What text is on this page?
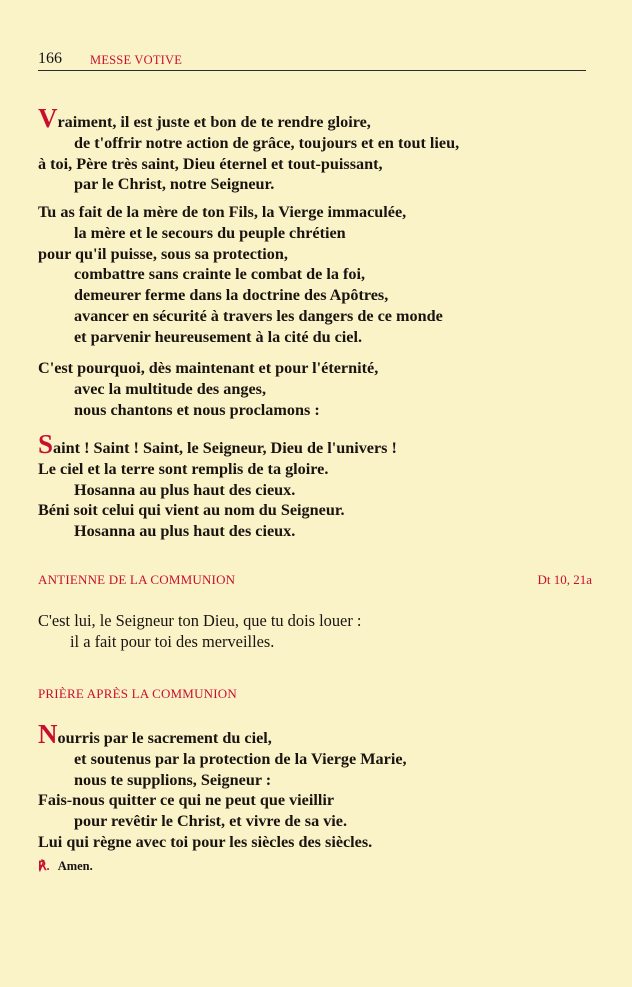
166 MESSE VOTIVE
Vraiment, il est juste et bon de te rendre gloire,
de t'offrir notre action de grâce, toujours et en tout lieu,
à toi, Père très saint, Dieu éternel et tout-puissant,
par le Christ, notre Seigneur.
Tu as fait de la mère de ton Fils, la Vierge immaculée,
la mère et le secours du peuple chrétien
pour qu'il puisse, sous sa protection,
combattre sans crainte le combat de la foi,
demeurer ferme dans la doctrine des Apôtres,
avancer en sécurité à travers les dangers de ce monde
et parvenir heureusement à la cité du ciel.
C'est pourquoi, dès maintenant et pour l'éternité,
avec la multitude des anges,
nous chantons et nous proclamons :
Saint ! Saint ! Saint, le Seigneur, Dieu de l'univers !
Le ciel et la terre sont remplis de ta gloire.
Hosanna au plus haut des cieux.
Béni soit celui qui vient au nom du Seigneur.
Hosanna au plus haut des cieux.
ANTIENNE DE LA COMMUNION	Dt 10, 21a
C'est lui, le Seigneur ton Dieu, que tu dois louer :
il a fait pour toi des merveilles.
PRIÈRE APRÈS LA COMMUNION
Nourris par le sacrement du ciel,
et soutenus par la protection de la Vierge Marie,
nous te supplions, Seigneur :
Fais-nous quitter ce qui ne peut que vieillir
pour revêtir le Christ, et vivre de sa vie.
Lui qui règne avec toi pour les siècles des siècles.
℟. Amen.
